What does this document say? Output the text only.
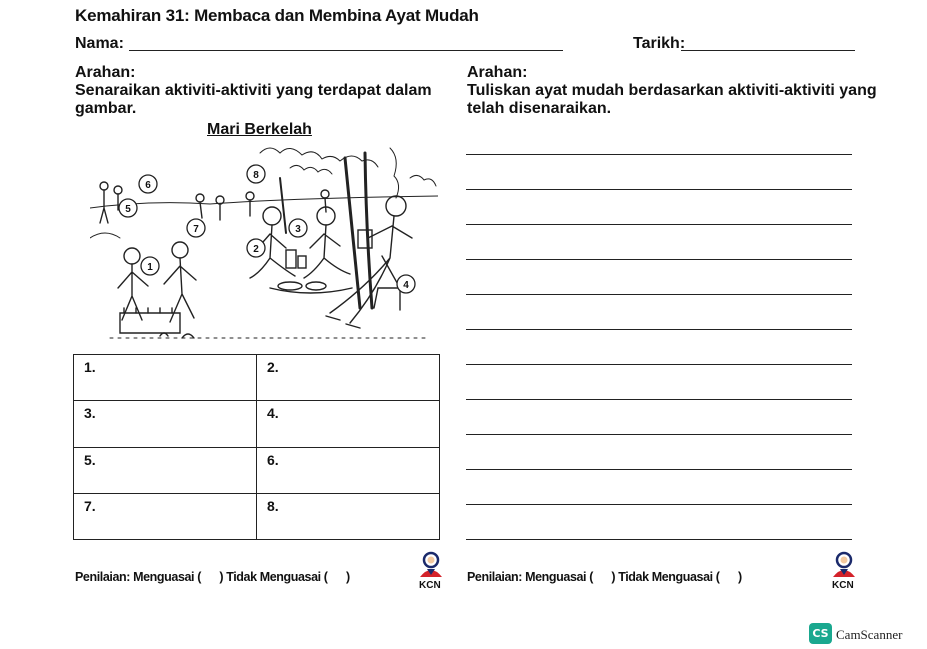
Kemahiran 31: Membaca dan Membina Ayat Mudah
Nama:	Tarikh:
Arahan:
Senaraikan aktiviti-aktiviti yang terdapat dalam
gambar.
Arahan:
Tuliskan ayat mudah berdasarkan aktiviti-aktiviti yang
telah disenaraikan.
Mari Berkelah
1
2
3
4
5
6
7
8
1.	2.
3.	4.
5.	6.
7.	8.
Penilaian: Menguasai (      ) Tidak Menguasai (      )	Penilaian: Menguasai (      ) Tidak Menguasai (      )
KCN	KCN
CS CamScanner
